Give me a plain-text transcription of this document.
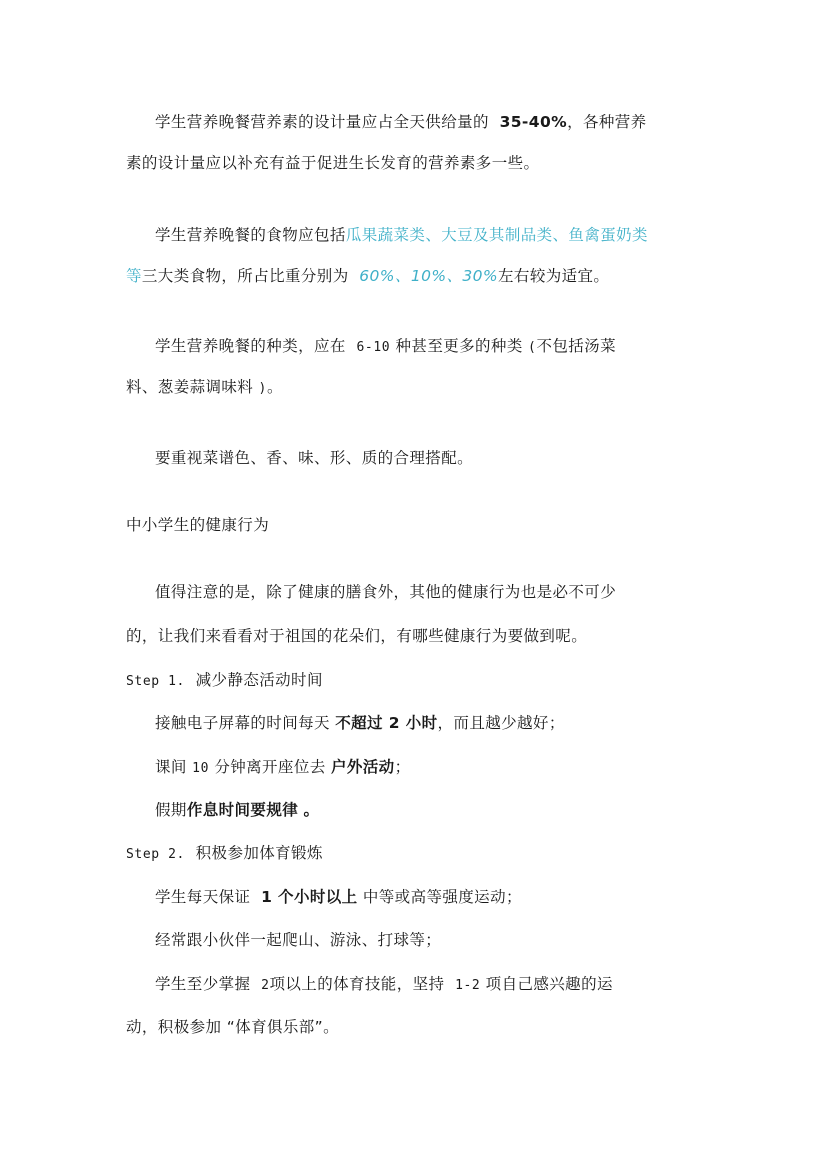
学生营养晚餐营养素的设计量应占全天供给量的 35-40%，各种营养
素的设计量应以补充有益于促进生长发育的营养素多一些。
学生营养晚餐的食物应包括瓜果蔬菜类、大豆及其制品类、鱼禽蛋奶类
等三大类食物，所占比重分别为 60%、10%、30%左右较为适宜。
学生营养晚餐的种类，应在 6-10 种甚至更多的种类 (不包括汤菜
料、葱姜蒜调味料 )。
要重视菜谱色、香、味、形、质的合理搭配。
中小学生的健康行为
值得注意的是，除了健康的膳食外，其他的健康行为也是必不可少
的，让我们来看看对于祖国的花朵们，有哪些健康行为要做到呢。
Step 1. 减少静态活动时间
接触电子屏幕的时间每天 不超过 2 小时，而且越少越好；
课间 10 分钟离开座位去 户外活动；
假期作息时间要规律 。
Step 2. 积极参加体育锻炼
学生每天保证 1 个小时以上 中等或高等强度运动；
经常跟小伙伴一起爬山、游泳、打球等；
学生至少掌握 2项以上的体育技能，坚持 1-2 项自己感兴趣的运
动，积极参加 “体育俱乐部”。
